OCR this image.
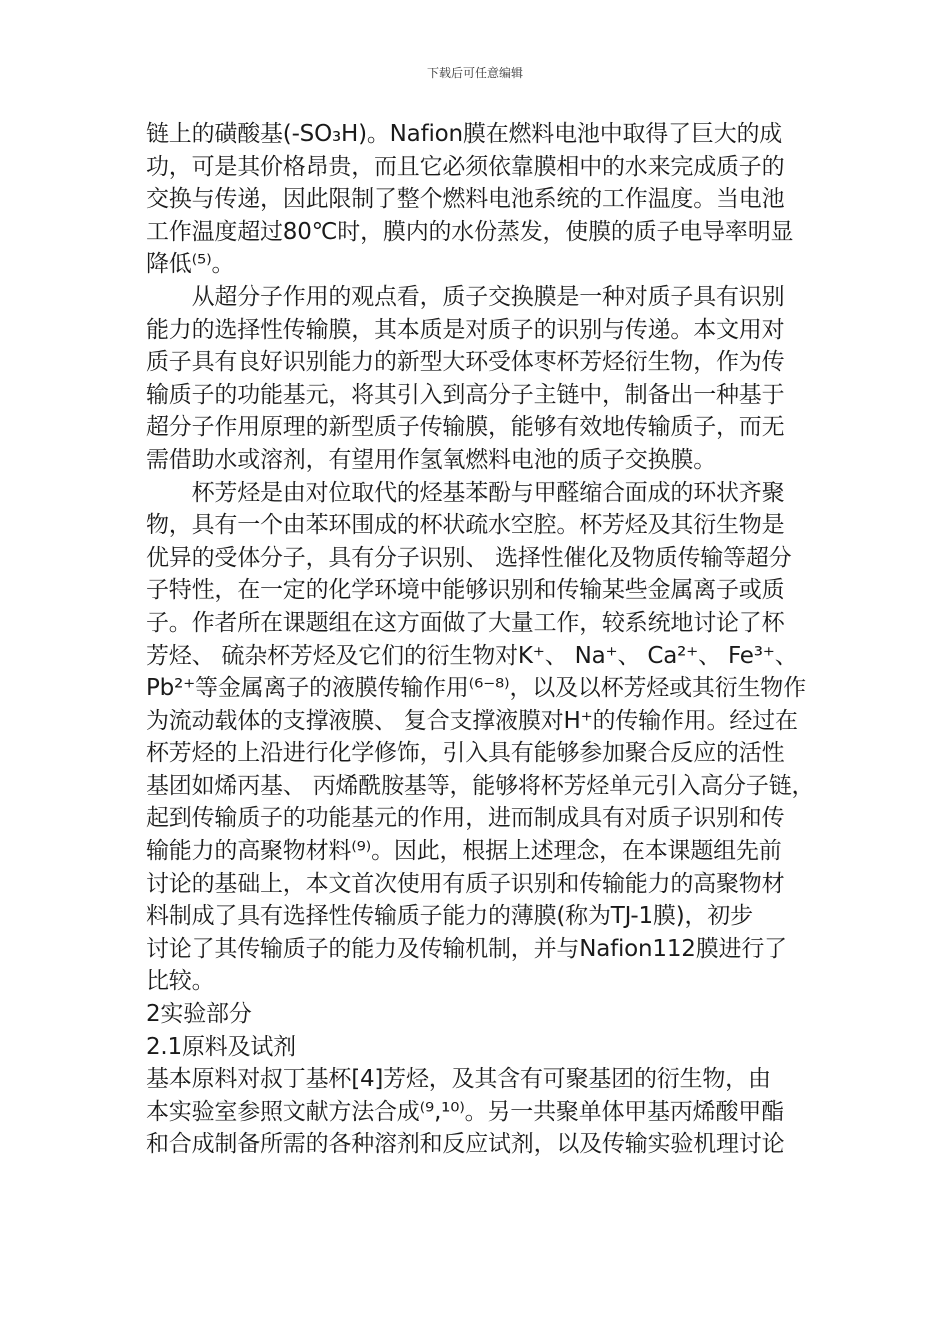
下载后可任意编辑
链上的磺酸基(-SO₃H)。Nafion膜在燃料电池中取得了巨大的成
功，可是其价格昂贵，而且它必须依靠膜相中的水来完成质子的
交换与传递，因此限制了整个燃料电池系统的工作温度。当电池
工作温度超过80℃时，膜内的水份蒸发，使膜的质子电导率明显
降低⁽⁵⁾。
　　从超分子作用的观点看，质子交换膜是一种对质子具有识别
能力的选择性传输膜，其本质是对质子的识别与传递。本文用对
质子具有良好识别能力的新型大环受体枣杯芳烃衍生物，作为传
输质子的功能基元，将其引入到高分子主链中，制备出一种基于
超分子作用原理的新型质子传输膜，能够有效地传输质子，而无
需借助水或溶剂，有望用作氢氧燃料电池的质子交换膜。
　　杯芳烃是由对位取代的烃基苯酚与甲醛缩合面成的环状齐聚
物，具有一个由苯环围成的杯状疏水空腔。杯芳烃及其衍生物是
优异的受体分子，具有分子识别、 选择性催化及物质传输等超分
子特性，在一定的化学环境中能够识别和传输某些金属离子或质
子。作者所在课题组在这方面做了大量工作，较系统地讨论了杯
芳烃、 硫杂杯芳烃及它们的衍生物对K⁺、 Na⁺、 Ca²⁺、 Fe³⁺、
Pb²⁺等金属离子的液膜传输作用⁽⁶⁻⁸⁾，以及以杯芳烃或其衍生物作
为流动载体的支撑液膜、 复合支撑液膜对H⁺的传输作用。经过在
杯芳烃的上沿进行化学修饰，引入具有能够参加聚合反应的活性
基团如烯丙基、 丙烯酰胺基等，能够将杯芳烃单元引入高分子链，
起到传输质子的功能基元的作用，进而制成具有对质子识别和传
输能力的高聚物材料⁽⁹⁾。因此，根据上述理念，在本课题组先前
讨论的基础上，本文首次使用有质子识别和传输能力的高聚物材
料制成了具有选择性传输质子能力的薄膜(称为TJ-1膜)，初步
讨论了其传输质子的能力及传输机制，并与Nafion112膜进行了
比较。
2实验部分
2.1原料及试剂
基本原料对叔丁基杯[4]芳烃，及其含有可聚基团的衍生物，由
本实验室参照文献方法合成⁽⁹,¹⁰⁾。另一共聚单体甲基丙烯酸甲酯
和合成制备所需的各种溶剂和反应试剂，以及传输实验机理讨论
